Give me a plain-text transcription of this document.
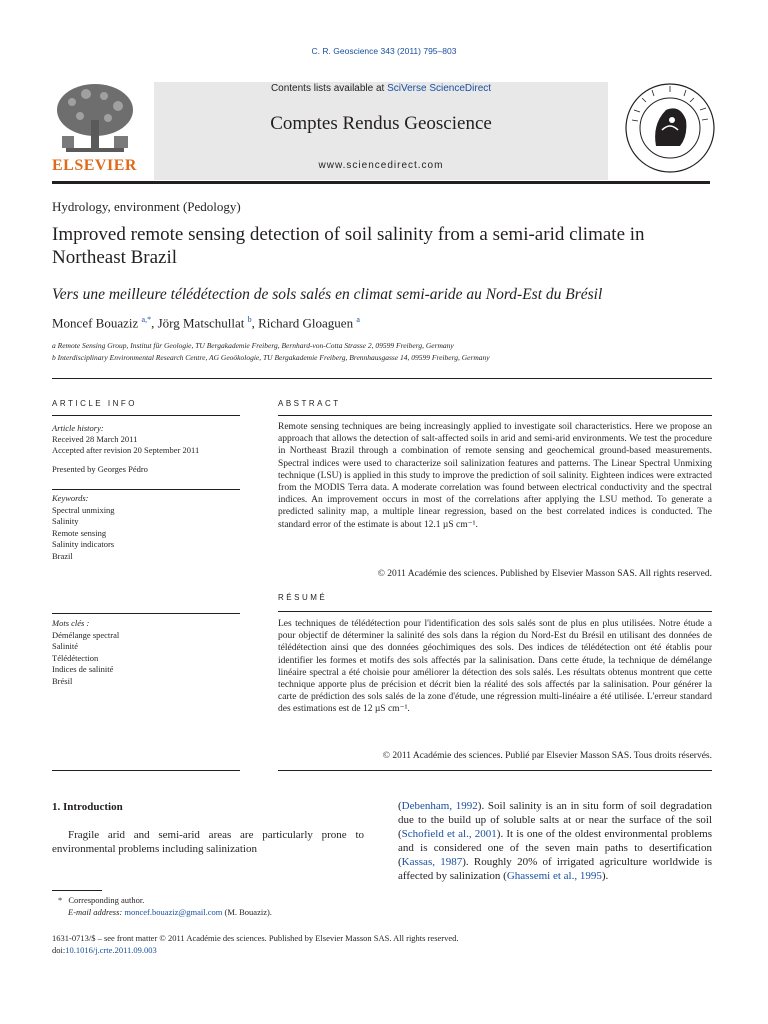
C. R. Geoscience 343 (2011) 795–803
ELSEVIER
Contents lists available at SciVerse ScienceDirect
Comptes Rendus Geoscience
www.sciencedirect.com
Hydrology, environment (Pedology)
Improved remote sensing detection of soil salinity from a semi-arid climate in Northeast Brazil
Vers une meilleure télédétection de sols salés en climat semi-aride au Nord-Est du Brésil
Moncef Bouaziz $^{a,*}$, Jörg Matschullat $^b$, Richard Gloaguen $^a$
a Remote Sensing Group, Institut für Geologie, TU Bergakademie Freiberg, Bernhard-von-Cotta Strasse 2, 09599 Freiberg, Germany
b Interdisciplinary Environmental Research Centre, AG Geoökologie, TU Bergakademie Freiberg, Brennhausgasse 14, 09599 Freiberg, Germany
ARTICLE INFO
Article history:
Received 28 March 2011
Accepted after revision 20 September 2011
Presented by Georges Pédro
Keywords:
Spectral unmixing
Salinity
Remote sensing
Salinity indicators
Brazil
Mots clés :
Démélange spectral
Salinité
Télédétection
Indices de salinité
Brésil
ABSTRACT
Remote sensing techniques are being increasingly applied to investigate soil characteristics. Here we propose an approach that allows the detection of salt-affected soils in arid and semi-arid environments. We test the procedure in Northeast Brazil through a combination of remote sensing and geochemical ground-based measurements. Spectral indices were used to characterize soil salinization features and patterns. The Linear Spectral Unmixing technique (LSU) is applied in this study to improve the prediction of soil salinity. Eighteen indices were extracted from the MODIS Terra data. A moderate correlation was found between electrical conductivity and the spectral indices. An improvement occurs in most of the correlations after applying the LSU method. To generate a predicted salinity map, a multiple linear regression, based on the best correlated indices is conducted. The standard error of the estimate is about 12.1 µS cm⁻¹.
© 2011 Académie des sciences. Published by Elsevier Masson SAS. All rights reserved.
RÉSUMÉ
Les techniques de télédétection pour l'identification des sols salés sont de plus en plus utilisées. Notre étude a pour objectif de déterminer la salinité des sols dans la région du Nord-Est du Brésil en utilisant des données de télédétection ainsi que des données géochimiques des sols. Des indices de télédétection ont été établis pour identifier les formes et motifs des sols affectés par la salinisation. Dans cette étude, la technique de démélange linéaire spectral a été choisie pour améliorer la détection des sols salés. Les résultats obtenus montrent que cette technique apporte plus de précision et décrit bien la réalité des sols affectés par la salinisation. Pour générer la carte de prédiction des sols salés de la zone d'étude, une régression multi-linéaire a été utilisée. L'erreur standard des estimations est de 12 µS cm⁻¹.
© 2011 Académie des sciences. Publié par Elsevier Masson SAS. Tous droits réservés.
1. Introduction
Fragile arid and semi-arid areas are particularly prone to environmental problems including salinization
(Debenham, 1992). Soil salinity is an in situ form of soil degradation due to the build up of soluble salts at or near the surface of the soil (Schofield et al., 2001). It is one of the oldest environmental problems and is considered one of the seven main paths to desertification (Kassas, 1987). Roughly 20% of irrigated agriculture worldwide is affected by salinization (Ghassemi et al., 1995).
* Corresponding author.
E-mail address: moncef.bouaziz@gmail.com (M. Bouaziz).
1631-0713/$ – see front matter © 2011 Académie des sciences. Published by Elsevier Masson SAS. All rights reserved.
doi:10.1016/j.crte.2011.09.003
